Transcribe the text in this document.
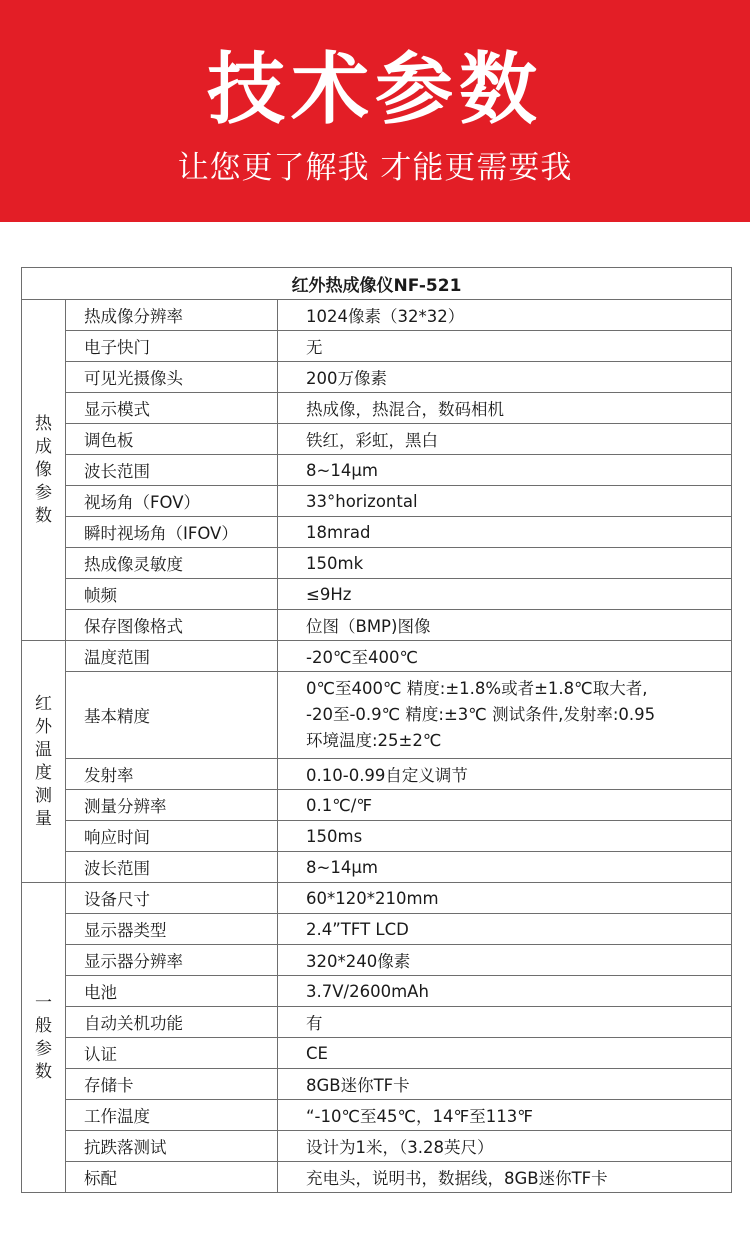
技术参数
让您更了解我 才能更需要我
红外热成像仪NF-521		
热成像参数	热成像分辨率	1024像素（32*32）
	电子快门	无
	可见光摄像头	200万像素
	显示模式	热成像，热混合，数码相机
	调色板	铁红，彩虹，黑白
	波长范围	8~14μm
	视场角（FOV）	33°horizontal
	瞬时视场角（IFOV）	18mrad
	热成像灵敏度	150mk
	帧频	≤9Hz
	保存图像格式	位图（BMP)图像
红外温度测量	温度范围	-20℃至400℃
	基本精度	0℃至400℃ 精度:±1.8%或者±1.8℃取大者,
-20至-0.9℃ 精度:±3℃ 测试条件,发射率:0.95
环境温度:25±2℃

	发射率	0.10-0.99自定义调节
	测量分辨率	0.1℃/℉
	响应时间	150ms
	波长范围	8~14μm
一般参数	设备尺寸	60*120*210mm
	显示器类型	2.4”TFT LCD
	显示器分辨率	320*240像素
	电池	3.7V/2600mAh
	自动关机功能	有
	认证	CE
	存储卡	8GB迷你TF卡
	工作温度	“-10℃至45℃，14℉至113℉
	抗跌落测试	设计为1米，（3.28英尺）
	标配	充电头，说明书，数据线，8GB迷你TF卡
